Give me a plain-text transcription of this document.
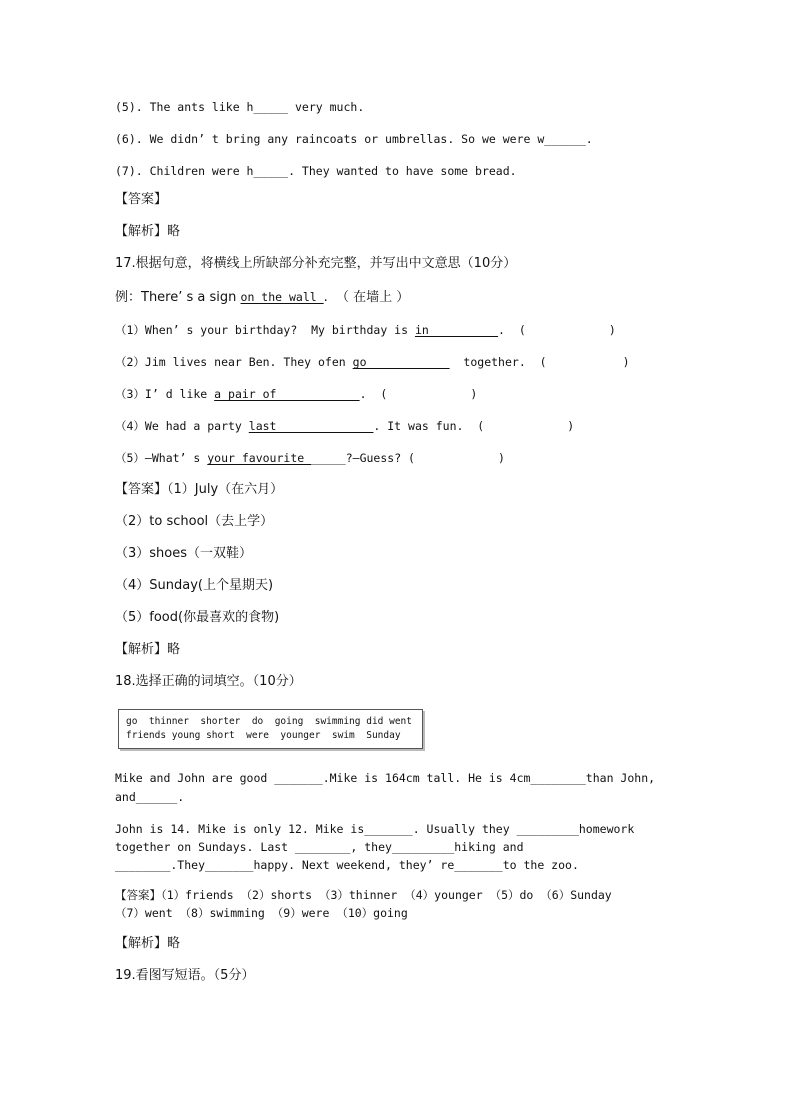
(5). The ants like h_____ very much.
(6). We didn’ t bring any raincoats or umbrellas. So we were w______.
(7). Children were h_____. They wanted to have some bread.
【答案】
【解析】略
17.根据句意，将横线上所缺部分补充完整，并写出中文意思（10分）
例：There’ s a sign on the wall_.  （ 在墙上 ）
（1）When’ s your birthday?  My birthday is in__________.  (            )
（2）Jim lives near Ben. They ofen go____________  together.  (           )
（3）I’ d like a pair of____________.  (            )
（4）We had a party last______________. It was fun.  (            )
（5）—What’ s your favourite______?—Guess? (            )
【答案】（1）July（在六月）
（2）to school（去上学）
（3）shoes（一双鞋）
（4）Sunday(上个星期天)
（5）food(你最喜欢的食物)
【解析】略
18.选择正确的词填空。（10分）
go  thinner  shorter  do  going  swimming did went
friends young short  were  younger  swim  Sunday
Mike and John are good _______.Mike is 164cm tall. He is 4cm________than John,
and______.
John is 14. Mike is only 12. Mike is_______. Usually they _________homework
together on Sundays. Last ________, they_________hiking and
________.They_______happy. Next weekend, they’ re_______to the zoo.
【答案】（1）friends （2）shorts （3）thinner （4）younger （5）do （6）Sunday
（7）went （8）swimming （9）were （10）going
【解析】略
19.看图写短语。（5分）
